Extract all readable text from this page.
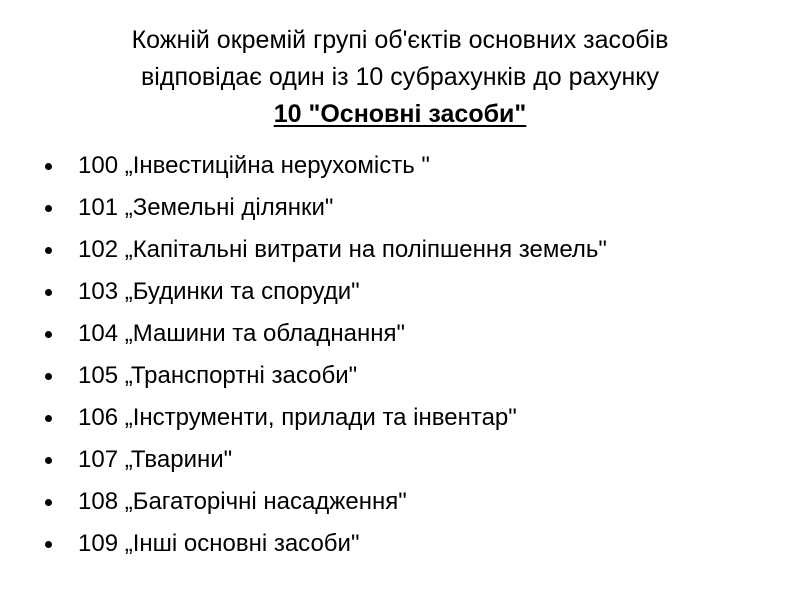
Кожній окремій групі об'єктів основних засобів
відповідає один із 10 субрахунків до рахунку
10 "Основні засоби"
100 „Інвестиційна нерухомість "
101 „Земельні ділянки"
102 „Капітальні витрати на поліпшення земель"
103 „Будинки та споруди"
104 „Машини та обладнання"
105 „Транспортні засоби"
106 „Інструменти, прилади та інвентар"
107 „Тварини"
108 „Багаторічні насадження"
109 „Інші основні засоби"
